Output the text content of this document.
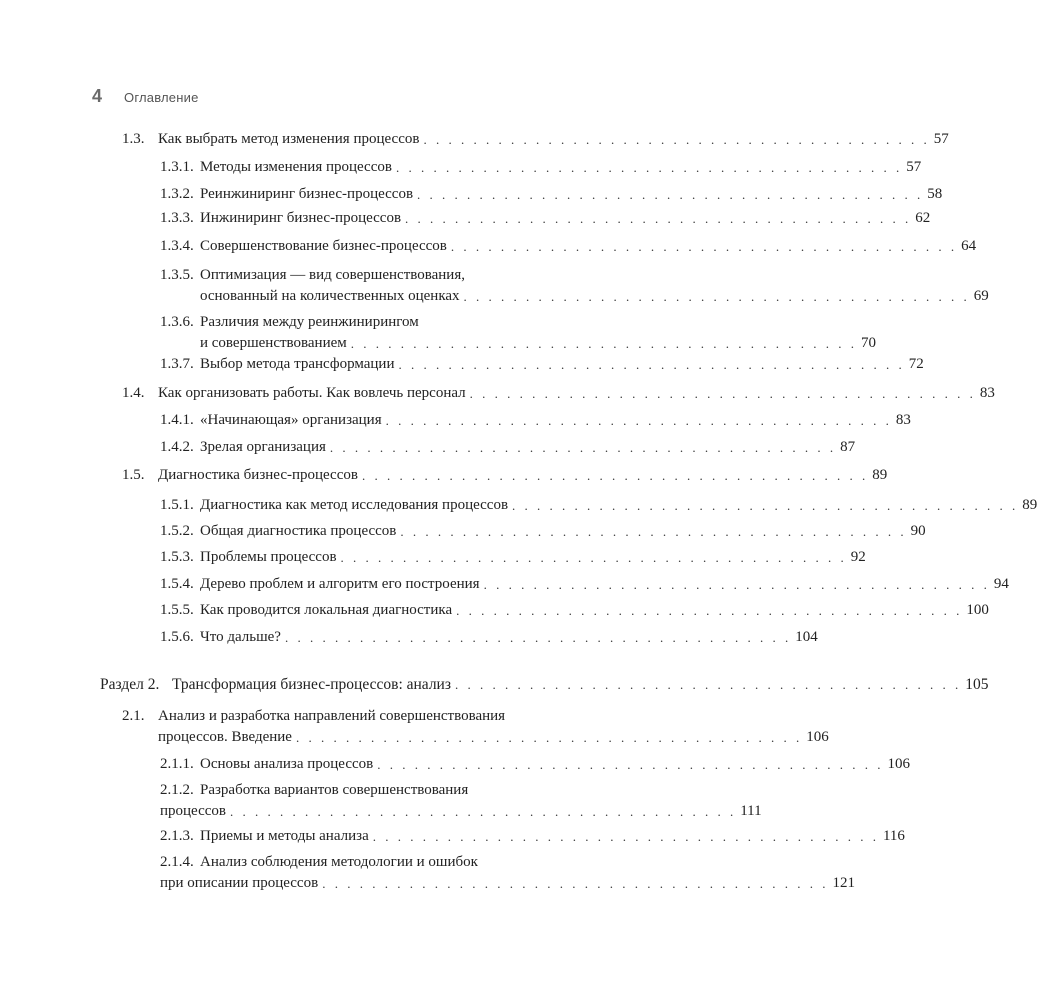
4 Оглавление
1.3. Как выбрать метод изменения процессов . . . . . . . . . . . . . . . . . . . . . . . . . . . . . . . . . . . . . . . . . 57
1.3.1. Методы изменения процессов . . . . . . . . . . . . . . . . . . . . . . . . . . . . . . . . . . . . . . . . . 57
1.3.2. Реинжиниринг бизнес-процессов . . . . . . . . . . . . . . . . . . . . . . . . . . . . . . . . . . . . . . . . . 58
1.3.3. Инжиниринг бизнес-процессов . . . . . . . . . . . . . . . . . . . . . . . . . . . . . . . . . . . . . . . . . 62
1.3.4. Совершенствование бизнес-процессов . . . . . . . . . . . . . . . . . . . . . . . . . . . . . . . . . . . . . . . . . 64
1.3.5. Оптимизация — вид совершенствования,
основанный на количественных оценках . . . . . . . . . . . . . . . . . . . . . . . . . . . . . . . . . . . . . . . . . 69
1.3.6. Различия между реинжинирингом
и совершенствованием . . . . . . . . . . . . . . . . . . . . . . . . . . . . . . . . . . . . . . . . . 70
1.3.7. Выбор метода трансформации . . . . . . . . . . . . . . . . . . . . . . . . . . . . . . . . . . . . . . . . . 72
1.4. Как организовать работы. Как вовлечь персонал . . . . . . . . . . . . . . . . . . . . . . . . . . . . . . . . . . . . . . . . . 83
1.4.1. «Начинающая» организация . . . . . . . . . . . . . . . . . . . . . . . . . . . . . . . . . . . . . . . . . 83
1.4.2. Зрелая организация . . . . . . . . . . . . . . . . . . . . . . . . . . . . . . . . . . . . . . . . . 87
1.5. Диагностика бизнес-процессов . . . . . . . . . . . . . . . . . . . . . . . . . . . . . . . . . . . . . . . . . 89
1.5.1. Диагностика как метод исследования процессов . . . . . . . . . . . . . . . . . . . . . . . . . . . . . . . . . . . . . . . . . 89
1.5.2. Общая диагностика процессов . . . . . . . . . . . . . . . . . . . . . . . . . . . . . . . . . . . . . . . . . 90
1.5.3. Проблемы процессов . . . . . . . . . . . . . . . . . . . . . . . . . . . . . . . . . . . . . . . . . 92
1.5.4. Дерево проблем и алгоритм его построения . . . . . . . . . . . . . . . . . . . . . . . . . . . . . . . . . . . . . . . . . 94
1.5.5. Как проводится локальная диагностика . . . . . . . . . . . . . . . . . . . . . . . . . . . . . . . . . . . . . . . . . 100
1.5.6. Что дальше? . . . . . . . . . . . . . . . . . . . . . . . . . . . . . . . . . . . . . . . . . 104
Раздел 2. Трансформация бизнес-процессов: анализ . . . . . . . . . . . . . . . . . . . . . . . . . . . . . . . . . . . . . . . . . 105
2.1. Анализ и разработка направлений совершенствования
процессов. Введение . . . . . . . . . . . . . . . . . . . . . . . . . . . . . . . . . . . . . . . . . 106
2.1.1. Основы анализа процессов . . . . . . . . . . . . . . . . . . . . . . . . . . . . . . . . . . . . . . . . . 106
2.1.2. Разработка вариантов совершенствования
процессов . . . . . . . . . . . . . . . . . . . . . . . . . . . . . . . . . . . . . . . . . 111
2.1.3. Приемы и методы анализа . . . . . . . . . . . . . . . . . . . . . . . . . . . . . . . . . . . . . . . . . 116
2.1.4. Анализ соблюдения методологии и ошибок
при описании процессов . . . . . . . . . . . . . . . . . . . . . . . . . . . . . . . . . . . . . . . . . 121
